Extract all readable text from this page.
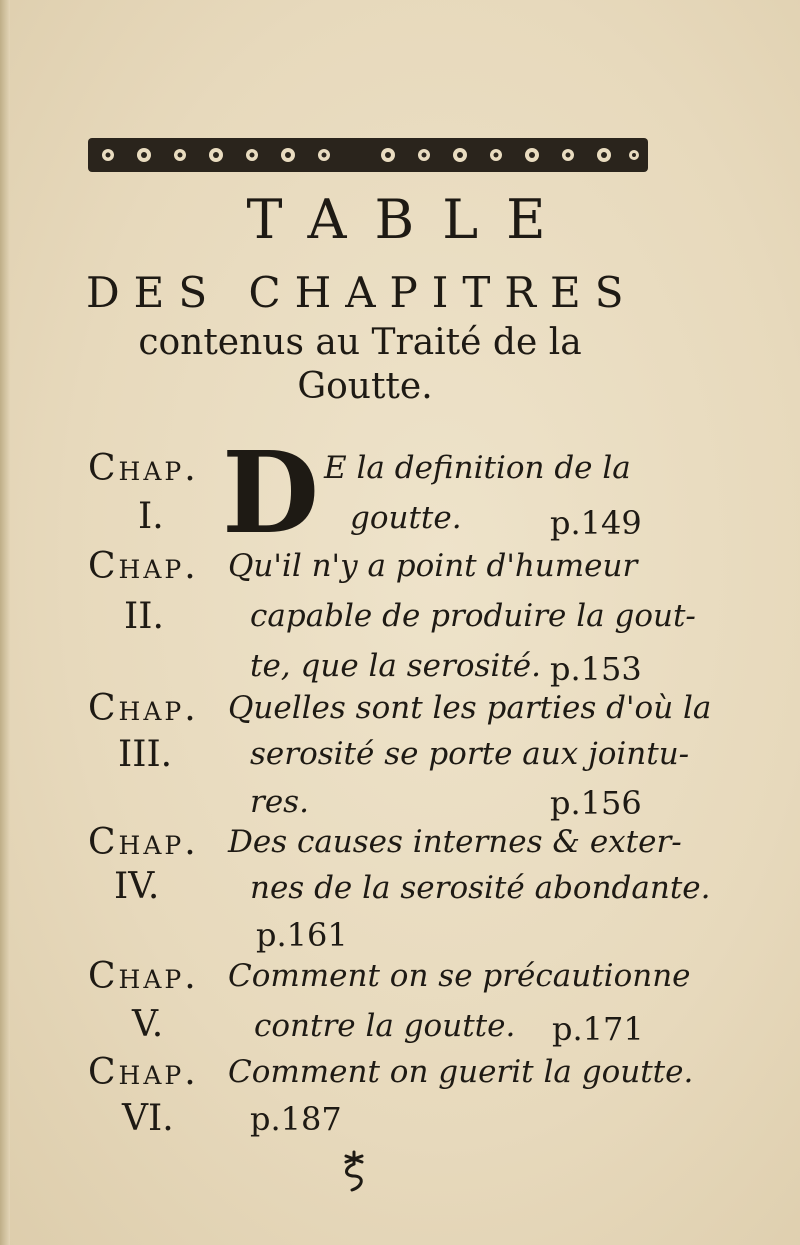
TABLE
DES CHAPITRES
contenus au Traité de la
Goutte.
Chap.
I.
E la definition de la
goutte.	p.149
D
Chap.
II.
Qu'il n'y a point d'humeur
capable de produire la gout-
te, que la serosité. p.153
Chap.
III.
Quelles sont les parties d'où la
serosité se porte aux jointu-
res.	p.156
Chap.
IV.
Des causes internes & exter-
nes de la serosité abondante.
p.161
Chap.
V.
Comment on se précautionne
contre la goutte. p.171
Chap.
VI.
Comment on guerit la goutte.
p.187
